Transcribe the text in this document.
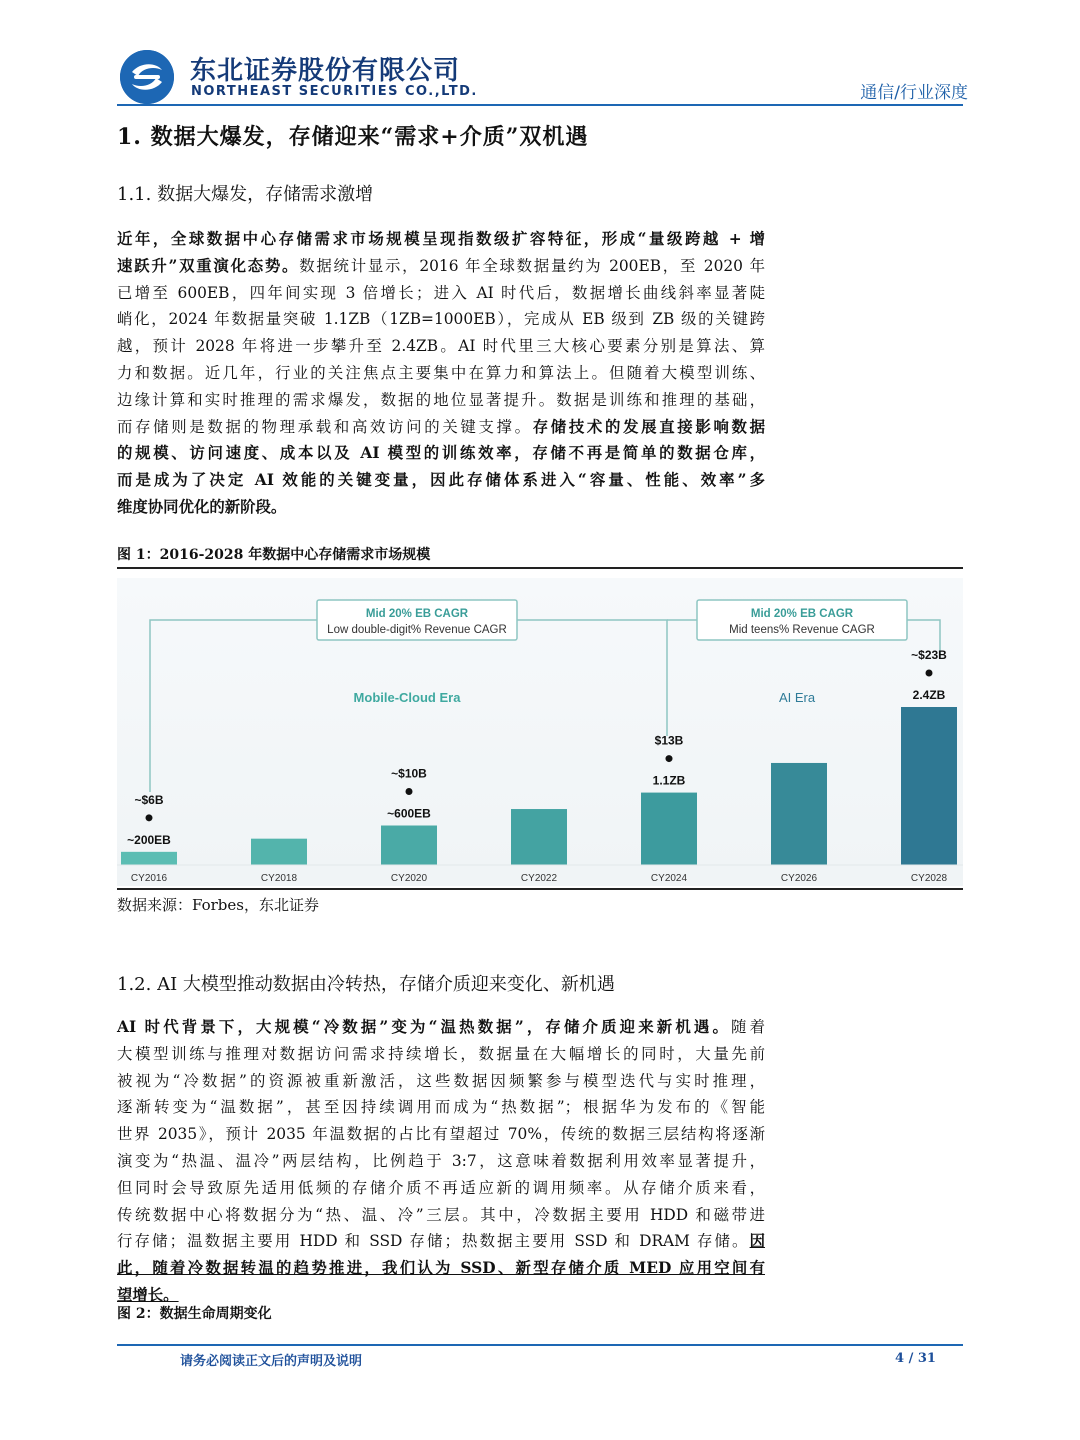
东北证券股份有限公司
NORTHEAST SECURITIES CO.,LTD.	通信/行业深度
1. 数据大爆发，存储迎来“需求+介质”双机遇
1.1. 数据大爆发，存储需求激增
近年，全球数据中心存储需求市场规模呈现指数级扩容特征，形成“量级跨越 + 增
速跃升”双重演化态势。数据统计显示，2016 年全球数据量约为 200EB，至 2020 年
已增至 600EB，四年间实现 3 倍增长；进入 AI 时代后，数据增长曲线斜率显著陡
峭化，2024 年数据量突破 1.1ZB（1ZB=1000EB），完成从 EB 级到 ZB 级的关键跨
越，预计 2028 年将进一步攀升至 2.4ZB。AI 时代里三大核心要素分别是算法、算
力和数据。近几年，行业的关注焦点主要集中在算力和算法上。但随着大模型训练、
边缘计算和实时推理的需求爆发，数据的地位显著提升。数据是训练和推理的基础，
而存储则是数据的物理承载和高效访问的关键支撑。存储技术的发展直接影响数据
的规模、访问速度、成本以及 AI 模型的训练效率，存储不再是简单的数据仓库，
而是成为了决定 AI 效能的关键变量，因此存储体系进入“容量、性能、效率”多
维度协同优化的新阶段。
图 1：2016-2028 年数据中心存储需求市场规模
Mid 20% EB CAGR
Low double-digit% Revenue CAGR
Mid 20% EB CAGR
Mid teens% Revenue CAGR
Mobile-Cloud Era	AI Era
CY2016
~200EB
~$6B
CY2018	CY2020
~600EB
~$10B
CY2022	CY2024
1.1ZB
$13B
CY2026	CY2028
2.4ZB
~$23B
数据来源：Forbes，东北证券
1.2. AI 大模型推动数据由冷转热，存储介质迎来变化、新机遇
AI 时代背景下，大规模“冷数据”变为“温热数据”，存储介质迎来新机遇。随着
大模型训练与推理对数据访问需求持续增长，数据量在大幅增长的同时，大量先前
被视为“冷数据”的资源被重新激活，这些数据因频繁参与模型迭代与实时推理，
逐渐转变为“温数据”，甚至因持续调用而成为“热数据”；根据华为发布的《智能
世界 2035》，预计 2035 年温数据的占比有望超过 70%，传统的数据三层结构将逐渐
演变为“热温、温冷”两层结构，比例趋于 3:7，这意味着数据利用效率显著提升，
但同时会导致原先适用低频的存储介质不再适应新的调用频率。从存储介质来看，
传统数据中心将数据分为“热、温、冷”三层。其中，冷数据主要用 HDD 和磁带进
行存储；温数据主要用 HDD 和 SSD 存储；热数据主要用 SSD 和 DRAM 存储。因
此，随着冷数据转温的趋势推进，我们认为 SSD、新型存储介质 MED 应用空间有
望增长。
图 2：数据生命周期变化
请务必阅读正文后的声明及说明	4 / 31
